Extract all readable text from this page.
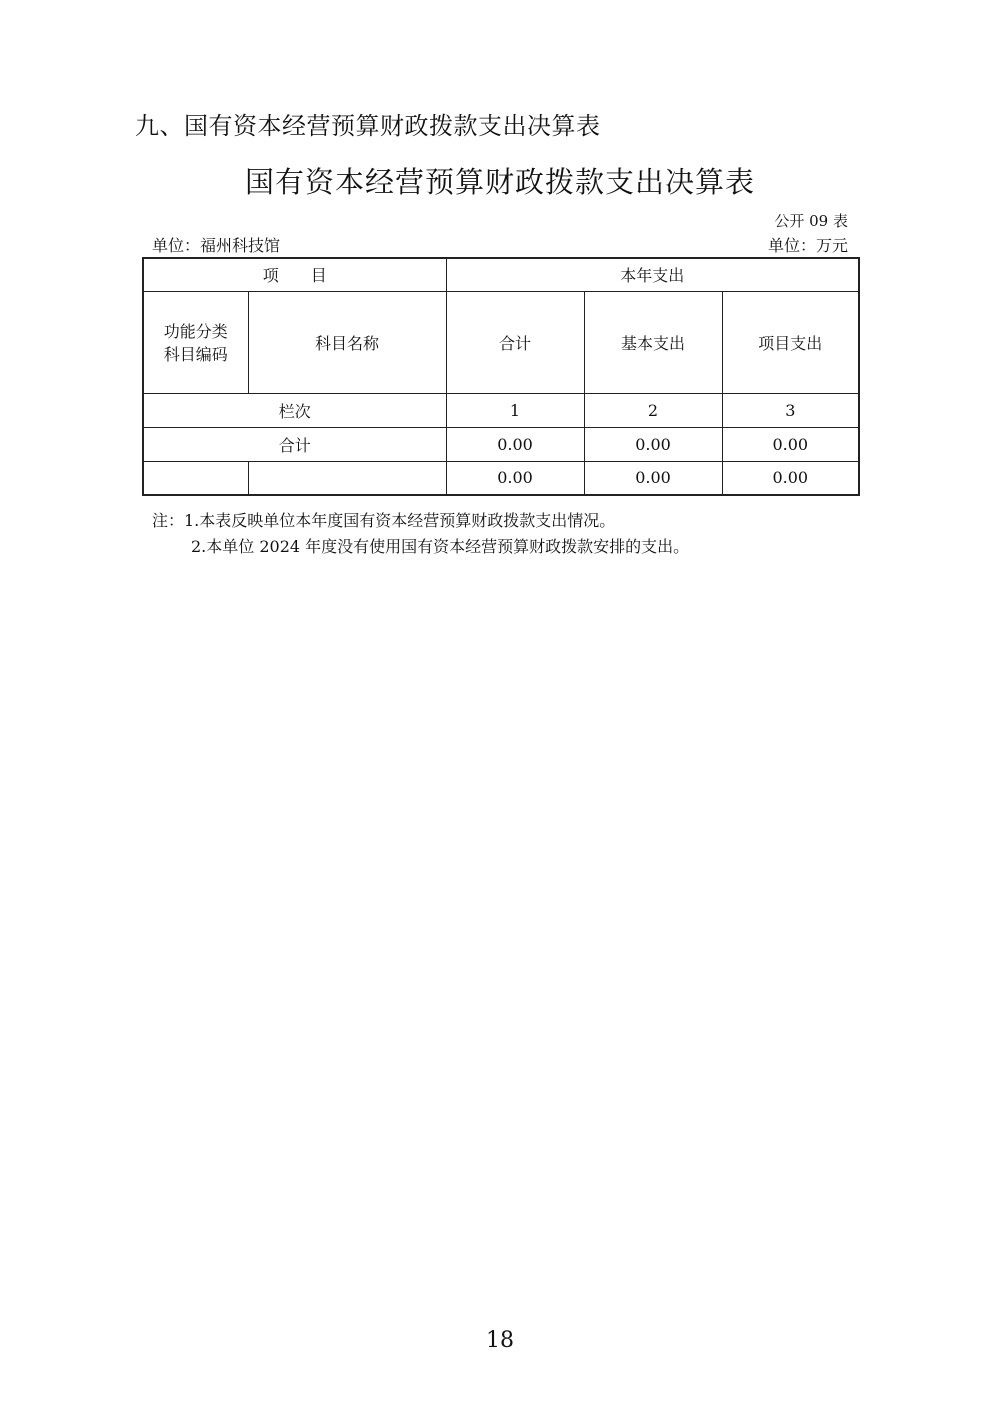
九、国有资本经营预算财政拨款支出决算表
国有资本经营预算财政拨款支出决算表
公开 09 表
单位：福州科技馆	单位：万元
项　　目		本年支出		

功能分类
科目编码	科目名称	合计	基本支出	项目支出
栏次		1	2	3
合计		0.00	0.00	0.00
		0.00	0.00	0.00
注：1.本表反映单位本年度国有资本经营预算财政拨款支出情况。
2.本单位 2024 年度没有使用国有资本经营预算财政拨款安排的支出。
18
